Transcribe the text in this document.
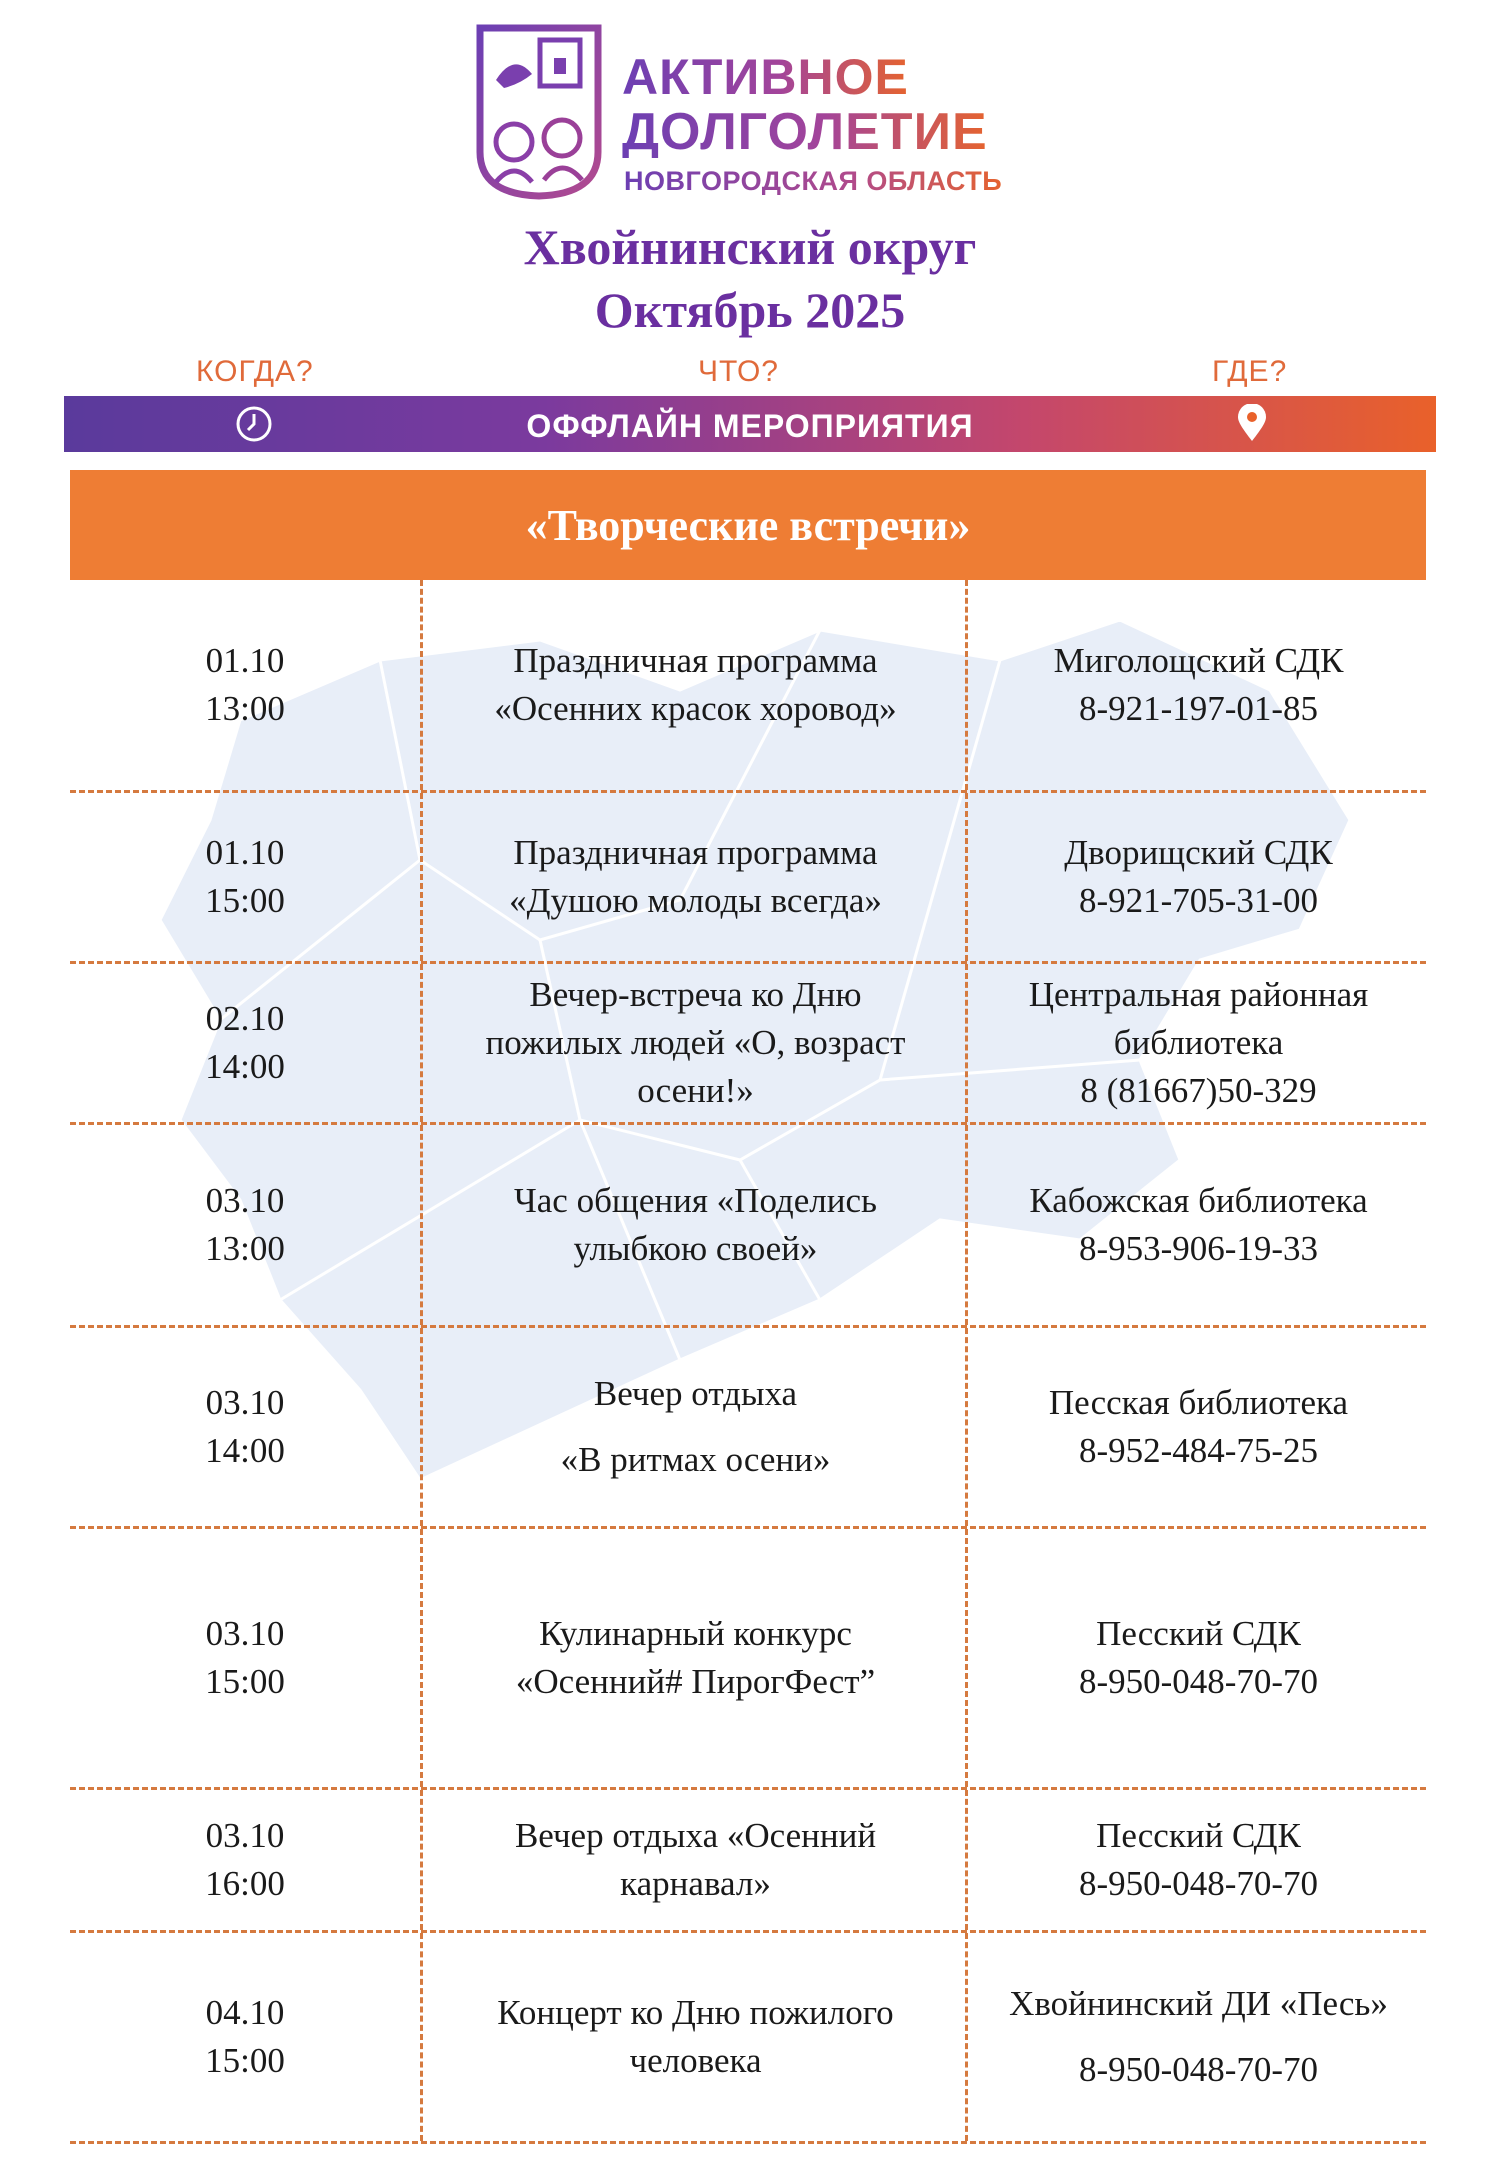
АКТИВНОЕ
ДОЛГОЛЕТИЕ
НОВГОРОДСКАЯ ОБЛАСТЬ
Хвойнинский округ
Октябрь 2025
КОГДА?	ЧТО?	ГДЕ?
ОФФЛАЙН МЕРОПРИЯТИЯ
«Творческие встречи»
01.10
13:00
Праздничная программа
«Осенних красок хоровод»
Миголощский СДК
8-921-197-01-85
01.10
15:00
Праздничная программа
«Душою молоды всегда»
Дворищский СДК
8-921-705-31-00
02.10
14:00
Вечер-встреча ко Дню
пожилых людей «О, возраст
осени!»
Центральная районная
библиотека
8 (81667)50-329
03.10
13:00
Час общения «Поделись
улыбкою своей»
Кабожская библиотека
8-953-906-19-33
03.10
14:00
Вечер отдыха
«В ритмах осени»
Песская библиотека
8-952-484-75-25
03.10
15:00
Кулинарный конкурс
«Осенний# ПирогФест”
Песский СДК
8-950-048-70-70
03.10
16:00
Вечер отдыха «Осенний
карнавал»
Песский СДК
8-950-048-70-70
04.10
15:00
Концерт ко Дню пожилого
человека
Хвойнинский ДИ «Песь»
8-950-048-70-70
